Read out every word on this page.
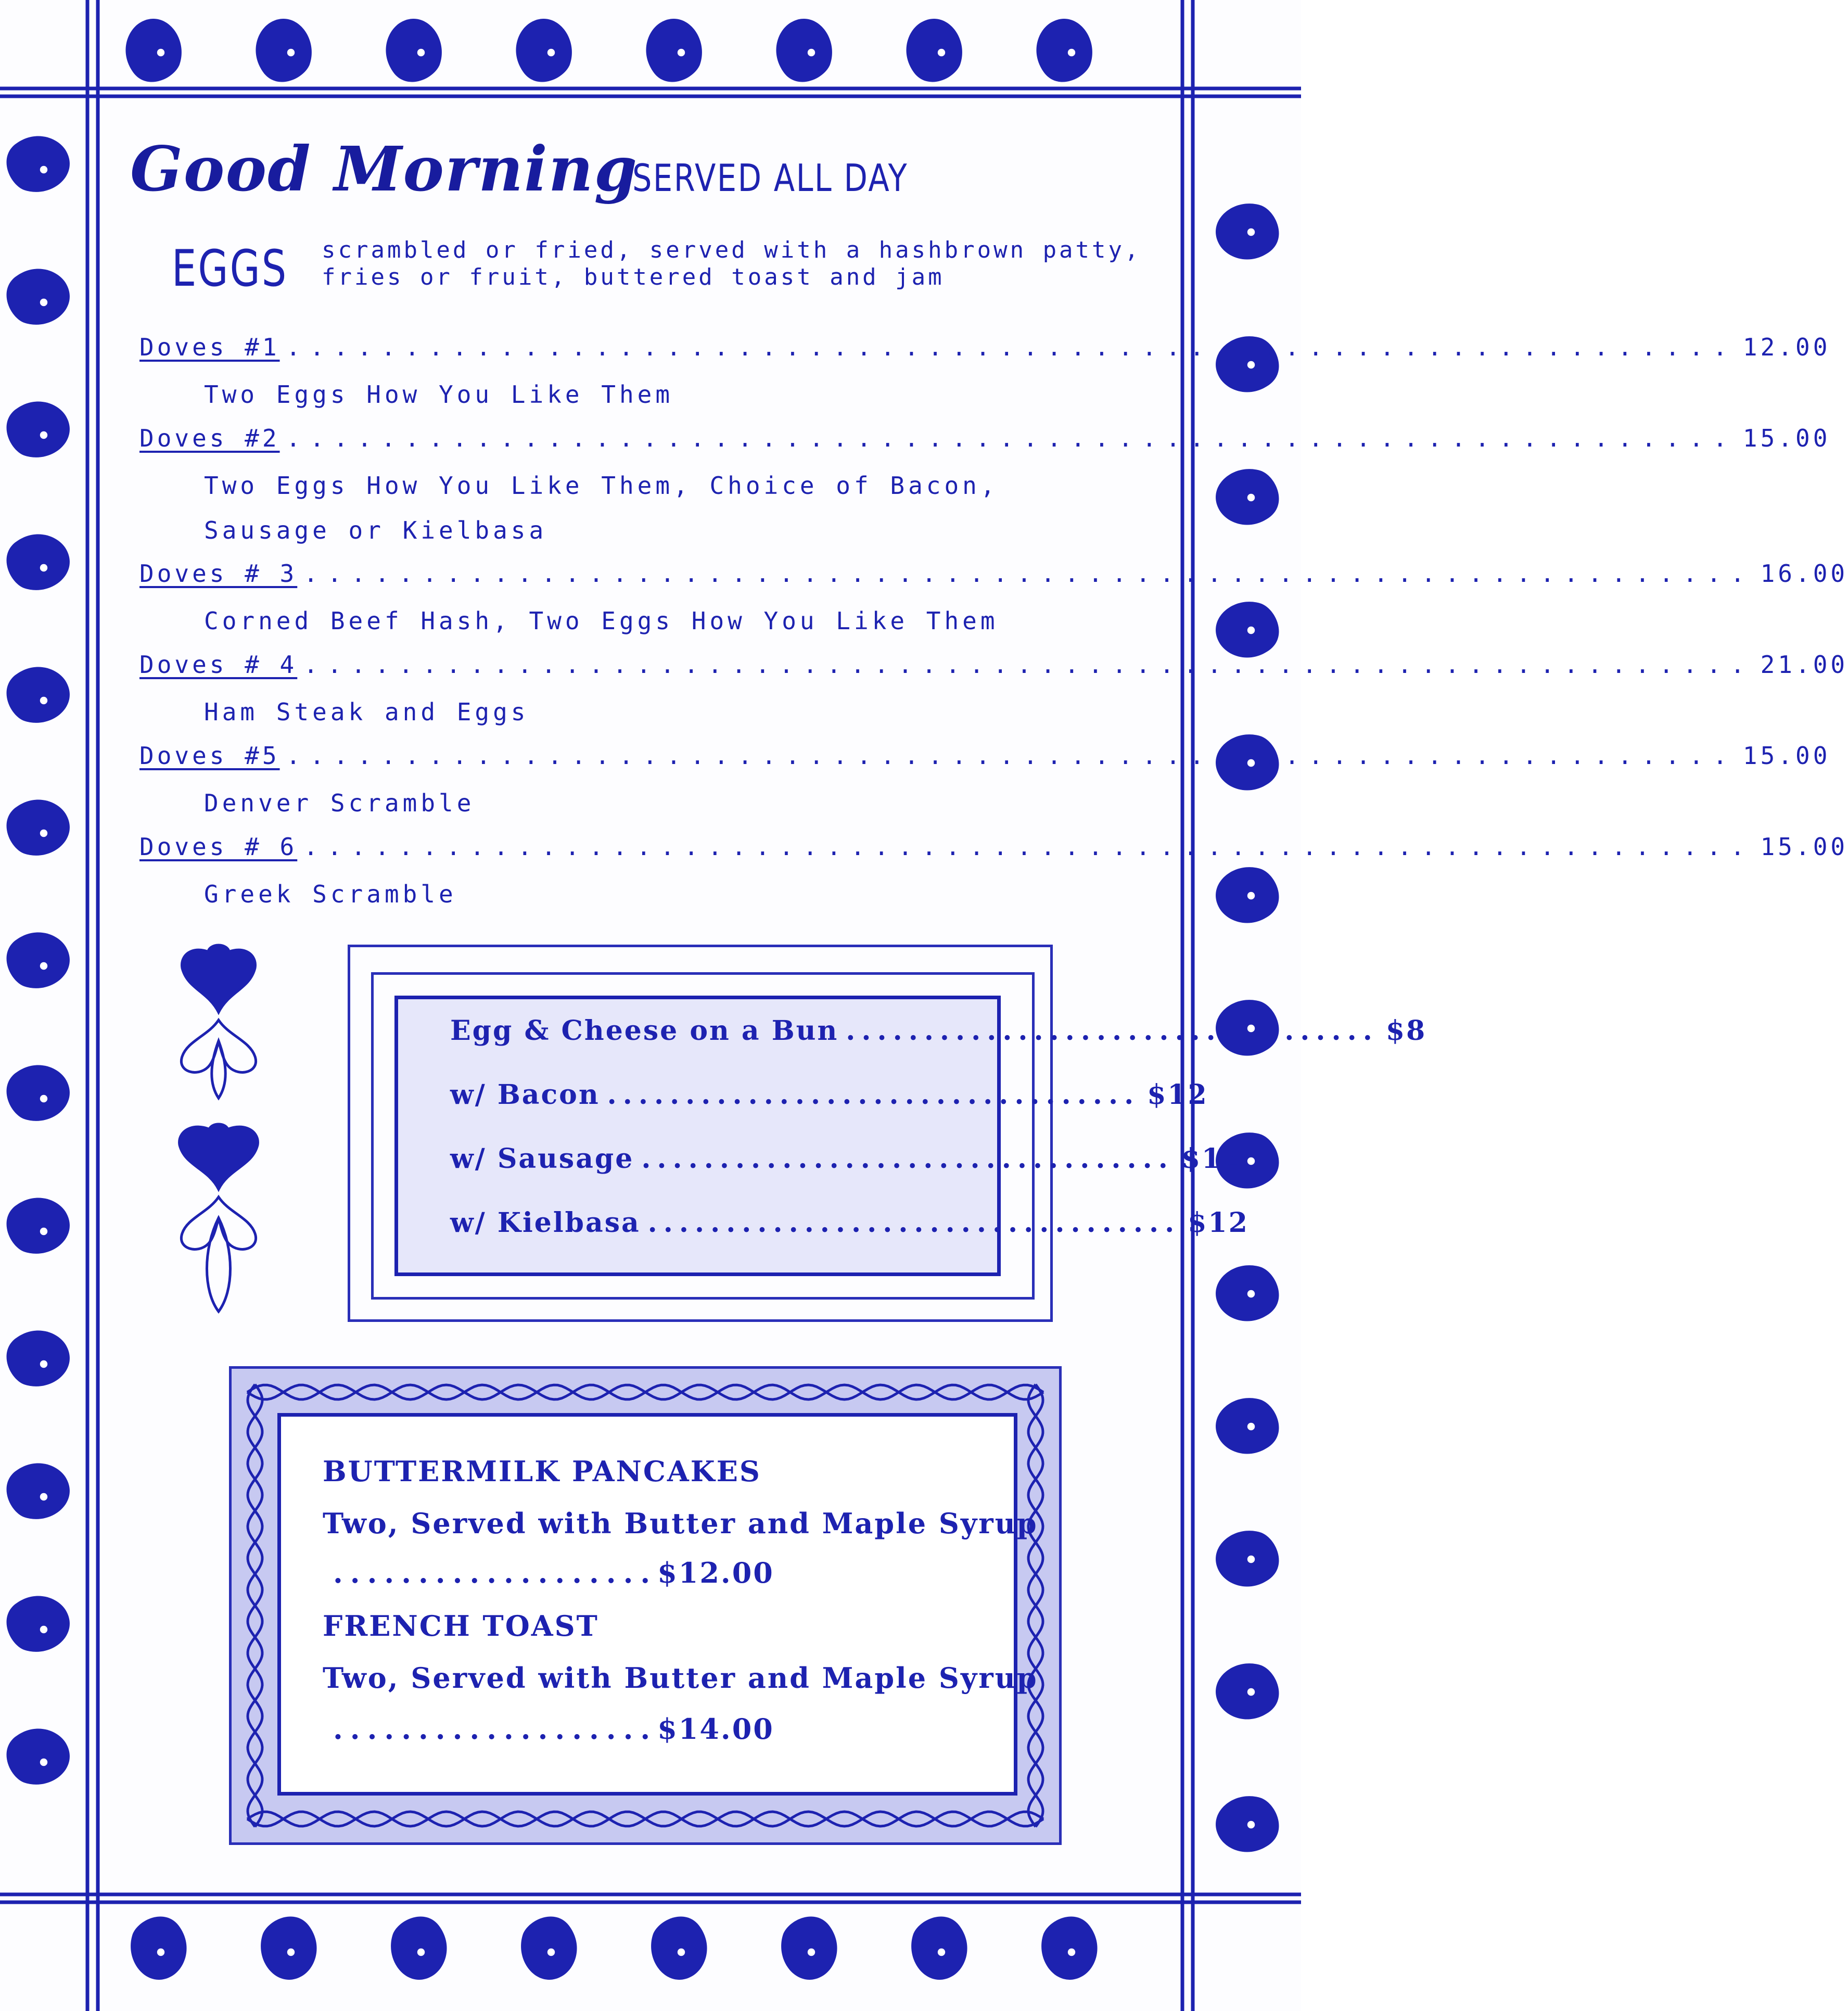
Good Morning
SERVED ALL DAY
EGGS scrambled or fried, served with a hashbrown patty,
fries or fruit, buttered toast and jam
Doves #1 ............................................................. 12.00
Two Eggs How You Like Them
Doves #2 ............................................................. 15.00
Two Eggs How You Like Them, Choice of Bacon,
Sausage or Kielbasa
Doves # 3 ............................................................. 16.00
Corned Beef Hash, Two Eggs How You Like Them
Doves # 4 ............................................................. 21.00
Ham Steak and Eggs
Doves #5 ............................................................. 15.00
Denver Scramble
Doves # 6 ............................................................. 15.00
Greek Scramble
Egg & Cheese on a Bun .................................. $8
w/ Bacon .................................. $12
w/ Sausage .................................. $12
w/ Kielbasa .................................. $12
BUTTERMILK PANCAKES
Two, Served with Butter and Maple Syrup
................... $12.00
FRENCH TOAST
Two, Served with Butter and Maple Syrup
................... $14.00
